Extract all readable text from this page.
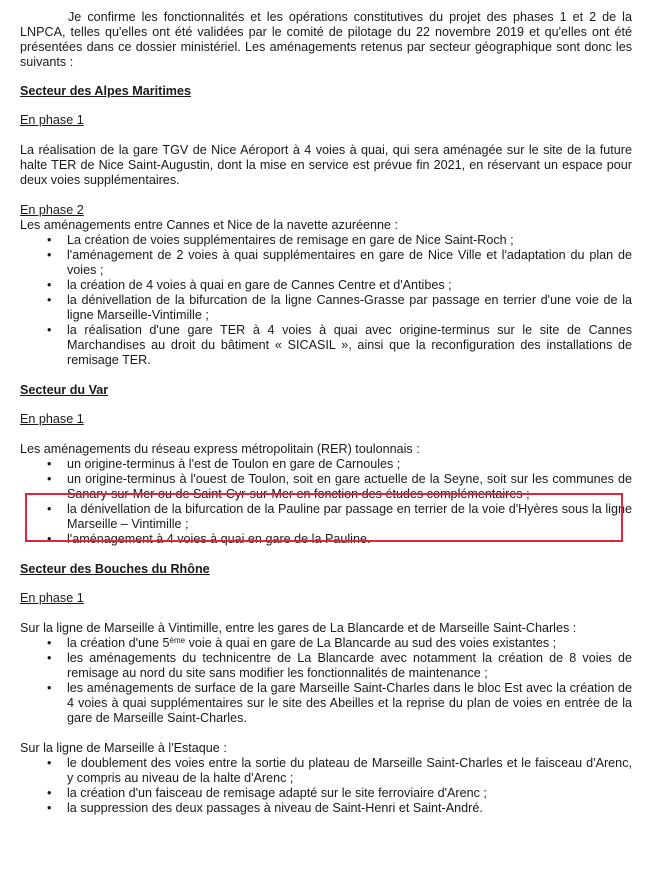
Je confirme les fonctionnalités et les opérations constitutives du projet des phases 1 et 2 de la LNPCA, telles qu'elles ont été validées par le comité de pilotage du 22 novembre 2019 et qu'elles ont été présentées dans ce dossier ministériel. Les aménagements retenus par secteur géographique sont donc les suivants :

Secteur des Alpes Maritimes

En phase 1

La réalisation de la gare TGV de Nice Aéroport à 4 voies à quai, qui sera aménagée sur le site de la future halte TER de Nice Saint-Augustin, dont la mise en service est prévue fin 2021, en réservant un espace pour deux voies supplémentaires.

En phase 2

Les aménagements entre Cannes et Nice de la navette azuréenne :

• La création de voies supplémentaires de remisage en gare de Nice Saint-Roch ;
• l'aménagement de 2 voies à quai supplémentaires en gare de Nice Ville et l'adaptation du plan de voies ;
• la création de 4 voies à quai en gare de Cannes Centre et d'Antibes ;
• la dénivellation de la bifurcation de la ligne Cannes-Grasse par passage en terrier d'une voie de la ligne Marseille-Vintimille ;
• la réalisation d'une gare TER à 4 voies à quai avec origine-terminus sur le site de Cannes Marchandises au droit du bâtiment « SICASIL », ainsi que la reconfiguration des installations de remisage TER.

Secteur du Var

En phase 1

Les aménagements du réseau express métropolitain (RER) toulonnais :

• un origine-terminus à l'est de Toulon en gare de Carnoules ;
• un origine-terminus à l'ouest de Toulon, soit en gare actuelle de la Seyne, soit sur les communes de Sanary-sur-Mer ou de Saint-Cyr-sur-Mer en fonction des études complémentaires ;
• la dénivellation de la bifurcation de la Pauline par passage en terrier de la voie d'Hyères sous la ligne Marseille – Vintimille ;
• l'aménagement à 4 voies à quai en gare de la Pauline.

Secteur des Bouches du Rhône

En phase 1

Sur la ligne de Marseille à Vintimille, entre les gares de La Blancarde et de Marseille Saint-Charles :

• la création d'une 5ème voie à quai en gare de La Blancarde au sud des voies existantes ;
• les aménagements du technicentre de La Blancarde avec notamment la création de 8 voies de remisage au nord du site sans modifier les fonctionnalités de maintenance ;
• les aménagements de surface de la gare Marseille Saint-Charles dans le bloc Est avec la création de 4 voies à quai supplémentaires sur le site des Abeilles et la reprise du plan de voies en entrée de la gare de Marseille Saint-Charles.

Sur la ligne de Marseille à l'Estaque :

• le doublement des voies entre la sortie du plateau de Marseille Saint-Charles et le faisceau d'Arenc, y compris au niveau de la halte d'Arenc ;
• la création d'un faisceau de remisage adapté sur le site ferroviaire d'Arenc ;
• la suppression des deux passages à niveau de Saint-Henri et Saint-André.
